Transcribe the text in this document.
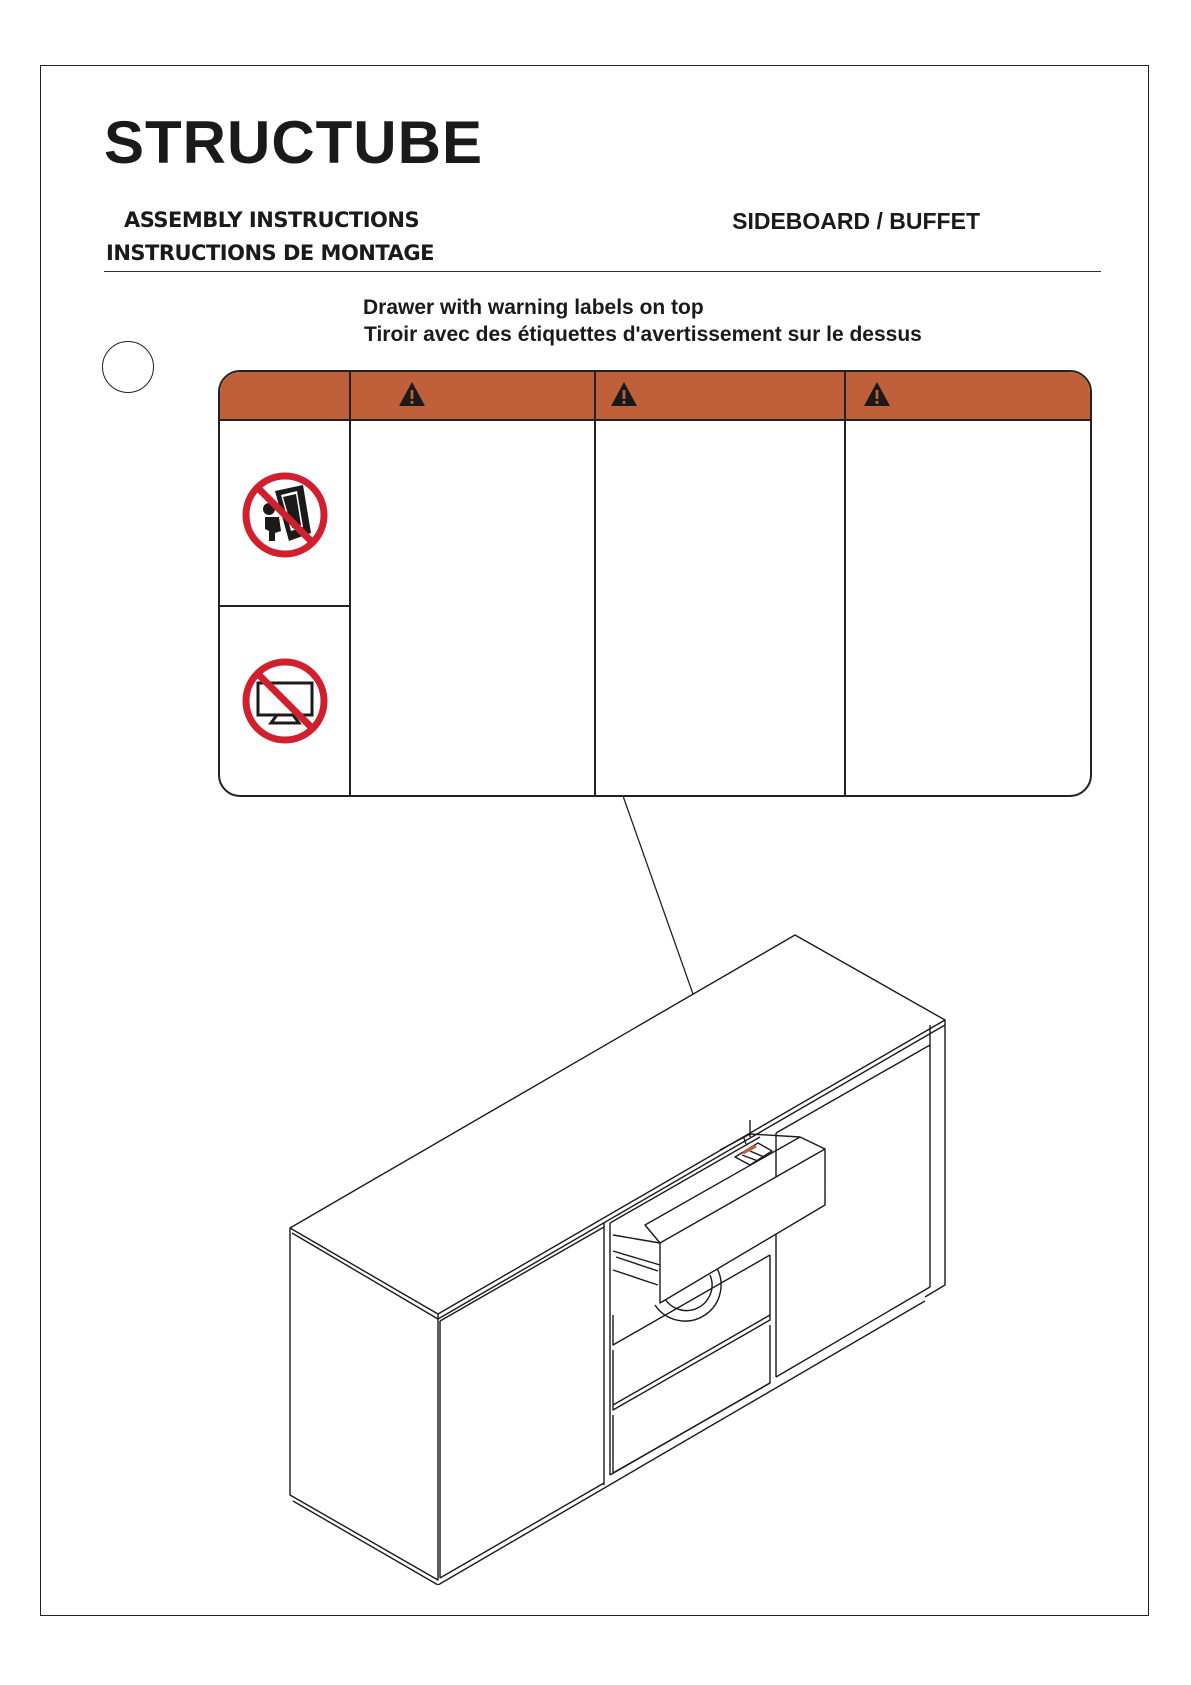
STRUCTUBE
ASSEMBLY INSTRUCTIONS
INSTRUCTIONS DE MONTAGE
SIDEBOARD / BUFFET
Drawer with warning labels on top
Tiroir avec des étiquettes d'avertissement sur le dessus
